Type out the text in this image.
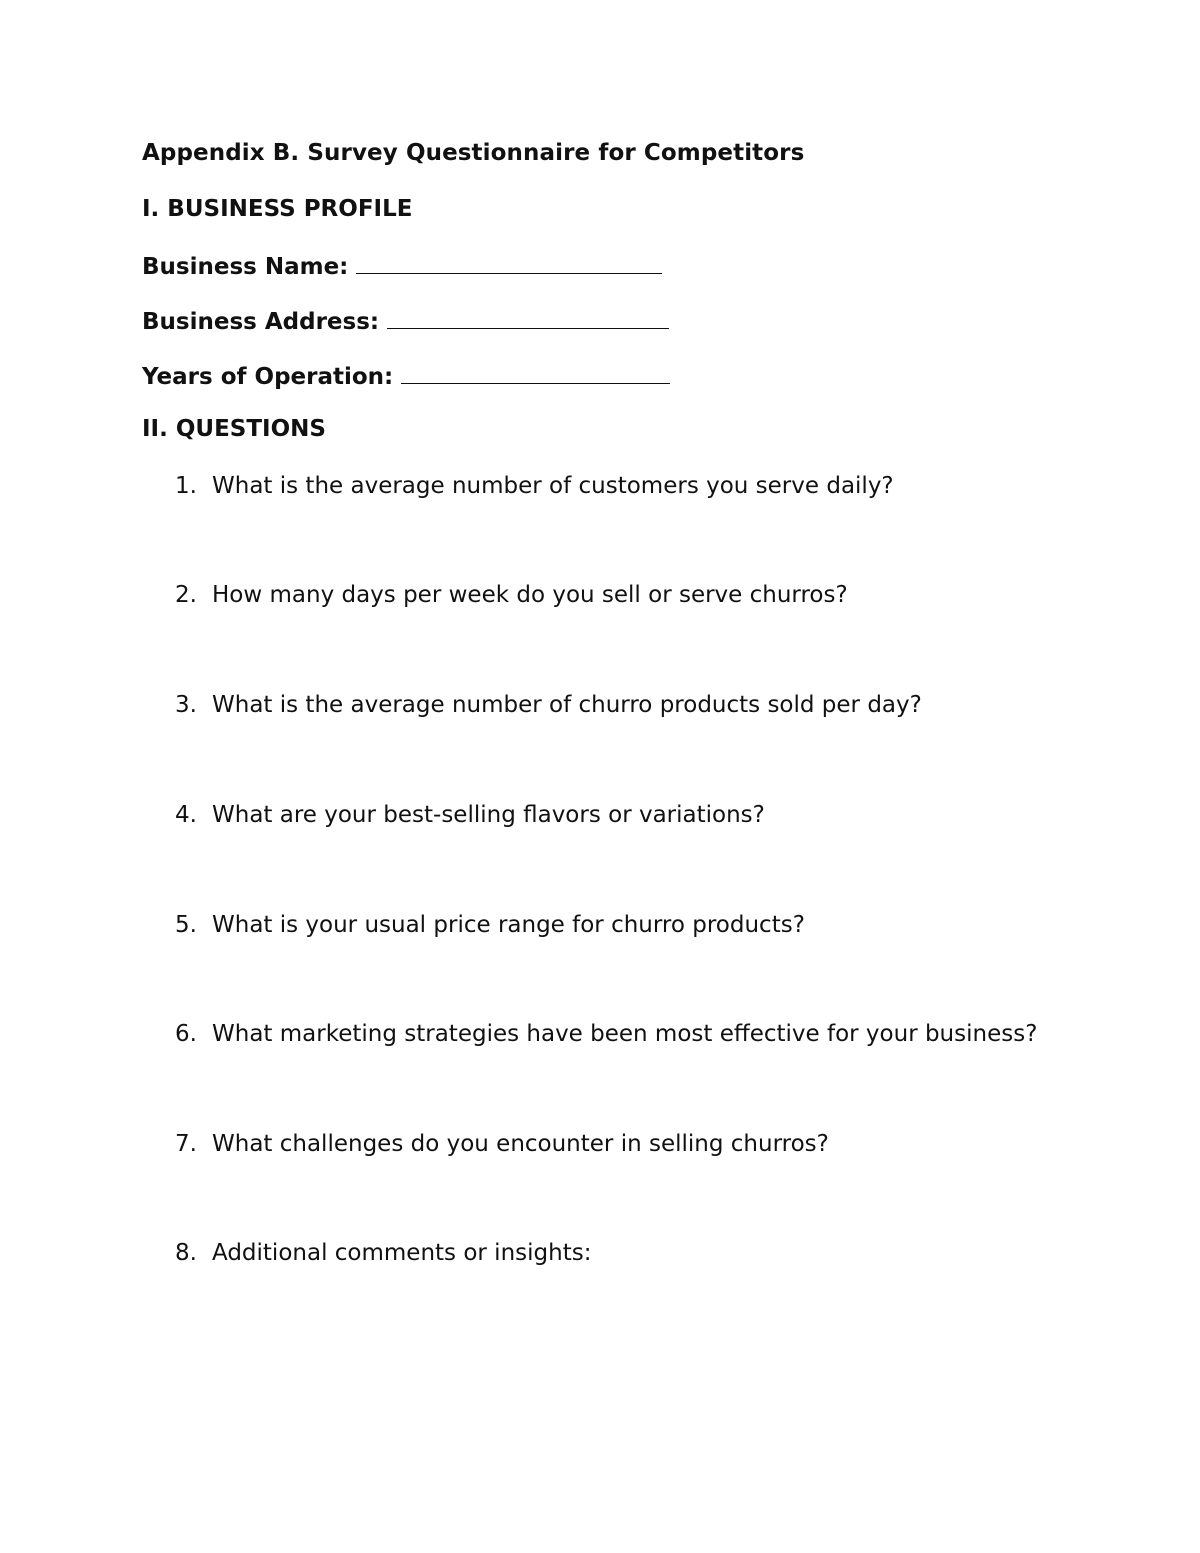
Appendix B. Survey Questionnaire for Competitors
I. BUSINESS PROFILE
Business Name:
Business Address:
Years of Operation:
II. QUESTIONS
1. What is the average number of customers you serve daily?
2. How many days per week do you sell or serve churros?
3. What is the average number of churro products sold per day?
4. What are your best-selling flavors or variations?
5. What is your usual price range for churro products?
6. What marketing strategies have been most effective for your business?
7. What challenges do you encounter in selling churros?
8. Additional comments or insights:
